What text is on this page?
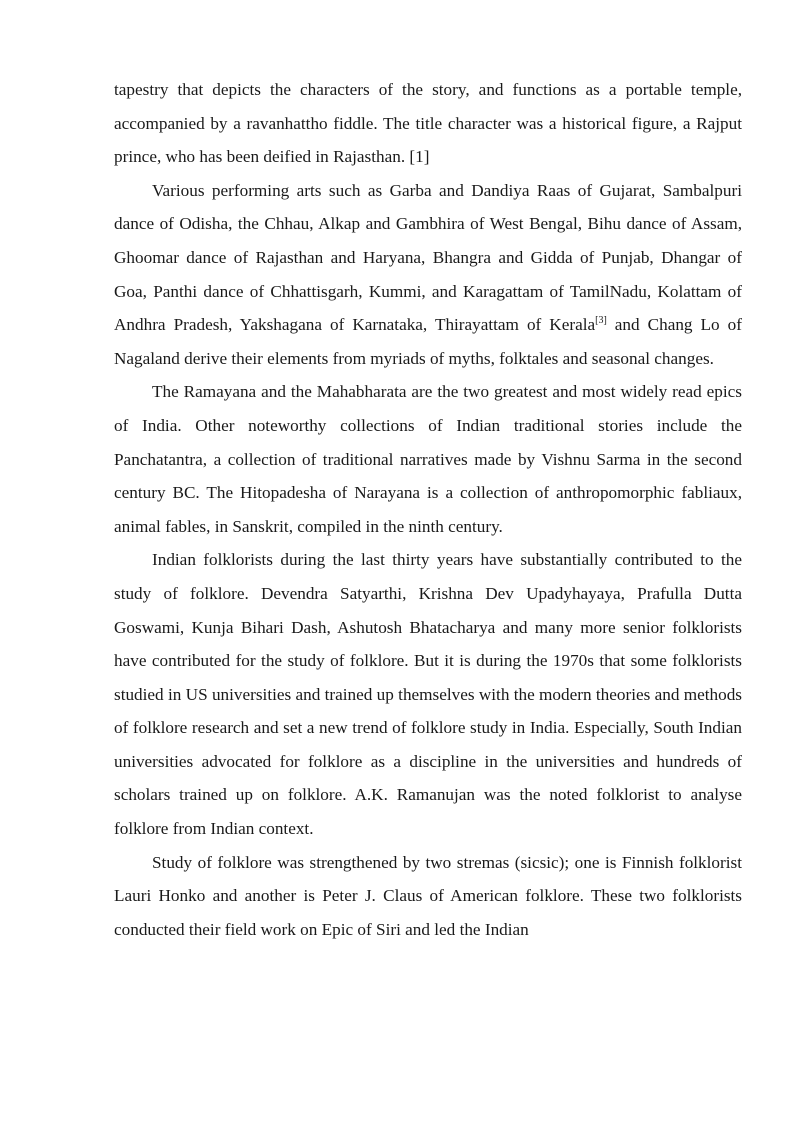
tapestry that depicts the characters of the story, and functions as a portable temple, accompanied by a ravanhattho fiddle. The title character was a historical figure, a Rajput prince, who has been deified in Rajasthan. [1]

Various performing arts such as Garba and Dandiya Raas of Gujarat, Sambalpuri dance of Odisha, the Chhau, Alkap and Gambhira of West Bengal, Bihu dance of Assam, Ghoomar dance of Rajasthan and Haryana, Bhangra and Gidda of Punjab, Dhangar of Goa, Panthi dance of Chhattisgarh, Kummi, and Karagattam of TamilNadu, Kolattam of Andhra Pradesh, Yakshagana of Karnataka, Thirayattam of Kerala[3] and Chang Lo of Nagaland derive their elements from myriads of myths, folktales and seasonal changes.

The Ramayana and the Mahabharata are the two greatest and most widely read epics of India. Other noteworthy collections of Indian traditional stories include the Panchatantra, a collection of traditional narratives made by Vishnu Sarma in the second century BC. The Hitopadesha of Narayana is a collection of anthropomorphic fabliaux, animal fables, in Sanskrit, compiled in the ninth century.

Indian folklorists during the last thirty years have substantially contributed to the study of folklore. Devendra Satyarthi, Krishna Dev Upadyhayaya, Prafulla Dutta Goswami, Kunja Bihari Dash, Ashutosh Bhatacharya and many more senior folklorists have contributed for the study of folklore. But it is during the 1970s that some folklorists studied in US universities and trained up themselves with the modern theories and methods of folklore research and set a new trend of folklore study in India. Especially, South Indian universities advocated for folklore as a discipline in the universities and hundreds of scholars trained up on folklore. A.K. Ramanujan was the noted folklorist to analyse folklore from Indian context.

Study of folklore was strengthened by two stremas (sicsic); one is Finnish folklorist Lauri Honko and another is Peter J. Claus of American folklore. These two folklorists conducted their field work on Epic of Siri and led the Indian
